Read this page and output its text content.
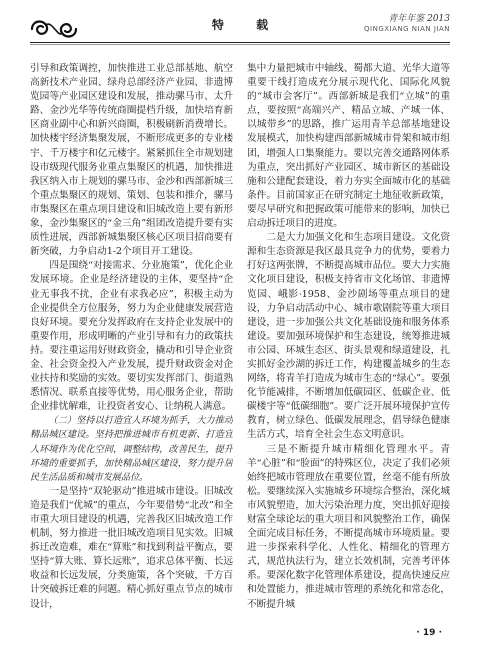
特 载	青年年鉴 2013
QINGXIANG NIAN JIAN

引导和政策调控，加快推进工业总部基地、航空高新技术产业园、绿舟总部经济产业园、非遗博览园等产业园区建设和发展，推动骡马市、太升路、金沙光华等传统商圈提档升级，加快培育新区商业副中心和新兴商圈，积极刷新消费增长。加快楼宇经济集聚发展，不断形成更多的专业楼宇、千万楼宇和亿元楼宇。紧紧抓住全市规划建设市级现代服务业重点集聚区的机遇，加快推进我区纳入市上规划的骡马市、金沙和西部新城三个重点集聚区的规划、策划、包装和推介，骡马市集聚区在重点项目建设和旧城改造上要有新形象，金沙集聚区的“金三角”组团改造提升要有实质性进展，西部新城集聚区核心区项目招商要有新突破，力争启动1-2个项目开工建设。

四是围绕“对接需求、分业施策”，优化企业发展环境。企业是经济建设的主体，要坚持“企业无事我不扰，企业有求我必应”，积极主动为企业提供全方位服务，努力为企业健康发展营造良好环境。要充分发挥政府在支持企业发展中的重要作用，形成明晰的产业引导和有力的政策扶持。要注重运用好财政资金，撬动和引导企业资金、社会资金投入产业发展，提升财政资金对企业扶持和奖励的实效。要切实发挥部门、街道熟悉情况、联系直接等优势，用心服务企业，帮助企业排忧解难，让投资者安心、让纳税人满意。

（二）坚持以打造宜人环境为抓手，大力推动精品城区建设。坚持把推进城市有机更新、打造宜人环境作为优化空间，调整结构，改善民生，提升环境的重要抓手，加快精品城区建设，努力提升居民生活品质和城市发展品位。

一是坚持“双轮驱动”推进城市建设。旧城改造是我们“优城”的重点，今年要借势“北改”和全市重大项目建设的机遇，完善我区旧城改造工作机制，努力推进一批旧城改造项目见实效。旧城拆迁改造难，难在“算账”和找到利益平衡点，要坚持“算大账、算长远账”，追求总体平衡、长远收益和长远发展，分类施策，各个突破，千方百计突破拆迁难的问题。精心抓好重点节点的城市设计，

集中力量把城市中轴线、蜀都大道、光华大道等重要干线打造成充分展示现代化、国际化风貌的“城市会客厅”。西部新城是我们“立城”的重点，要按照“高端兴产、精品立城、产城一体、以城带乡”的思路，推广运用青羊总部基地建设发展模式，加快构建西部新城城市骨架和城市组团，增强人口集聚能力。要以完善交通路网体系为重点，突出抓好产业园区、城市新区的基础设施和公建配套建设，着力夯实全面城市化的基础条件。目前国家正在研究制定土地征收新政策，要尽早研究和把握政策可能带来的影响，加快已启动拆迁项目的进度。

二是大力加强文化和生态项目建设。文化资源和生态资源是我区最具竞争力的优势，要着力打好这两张牌，不断提高城市品位。要大力实施文化项目建设，积极支持省市文化场馆、非遗博览园、峨影·1958、金沙剧场等重点项目的建设，力争启动活动中心、城市歌剧院等重大项目建设，进一步加强公共文化基础设施和服务体系建设。要加强环境保护和生态建设，统筹推进城市公园、环城生态区、街头景观和绿道建设，扎实抓好金沙湖的拆迁工作，构建覆盖城乡的生态网络，将青羊打造成为城市生态的“绿心”。要强化节能减排，不断增加低碳园区、低碳企业、低碳楼宇等“低碳细胞”。要广泛开展环境保护宣传教育，树立绿色、低碳发展理念，倡导绿色健康生活方式，培育全社会生态文明意识。

三是不断提升城市精细化管理水平。青羊“心脏”和“脸面”的特殊区位，决定了我们必须始终把城市管理放在重要位置，丝毫不能有所放松。要继续深入实施城乡环境综合整治，深化城市风貌塑造，加大污染治理力度，突出抓好迎接财富全球论坛的重大项目和风貌整治工作，确保全面完成目标任务，不断提高城市环境质量。要进一步探索科学化、人性化、精细化的管理方式，规范执法行为，建立长效机制，完善考评体系。要深化数字化管理体系建设，提高快速反应和处置能力，推进城市管理的系统化和常态化，不断提升城

· 19 ·
